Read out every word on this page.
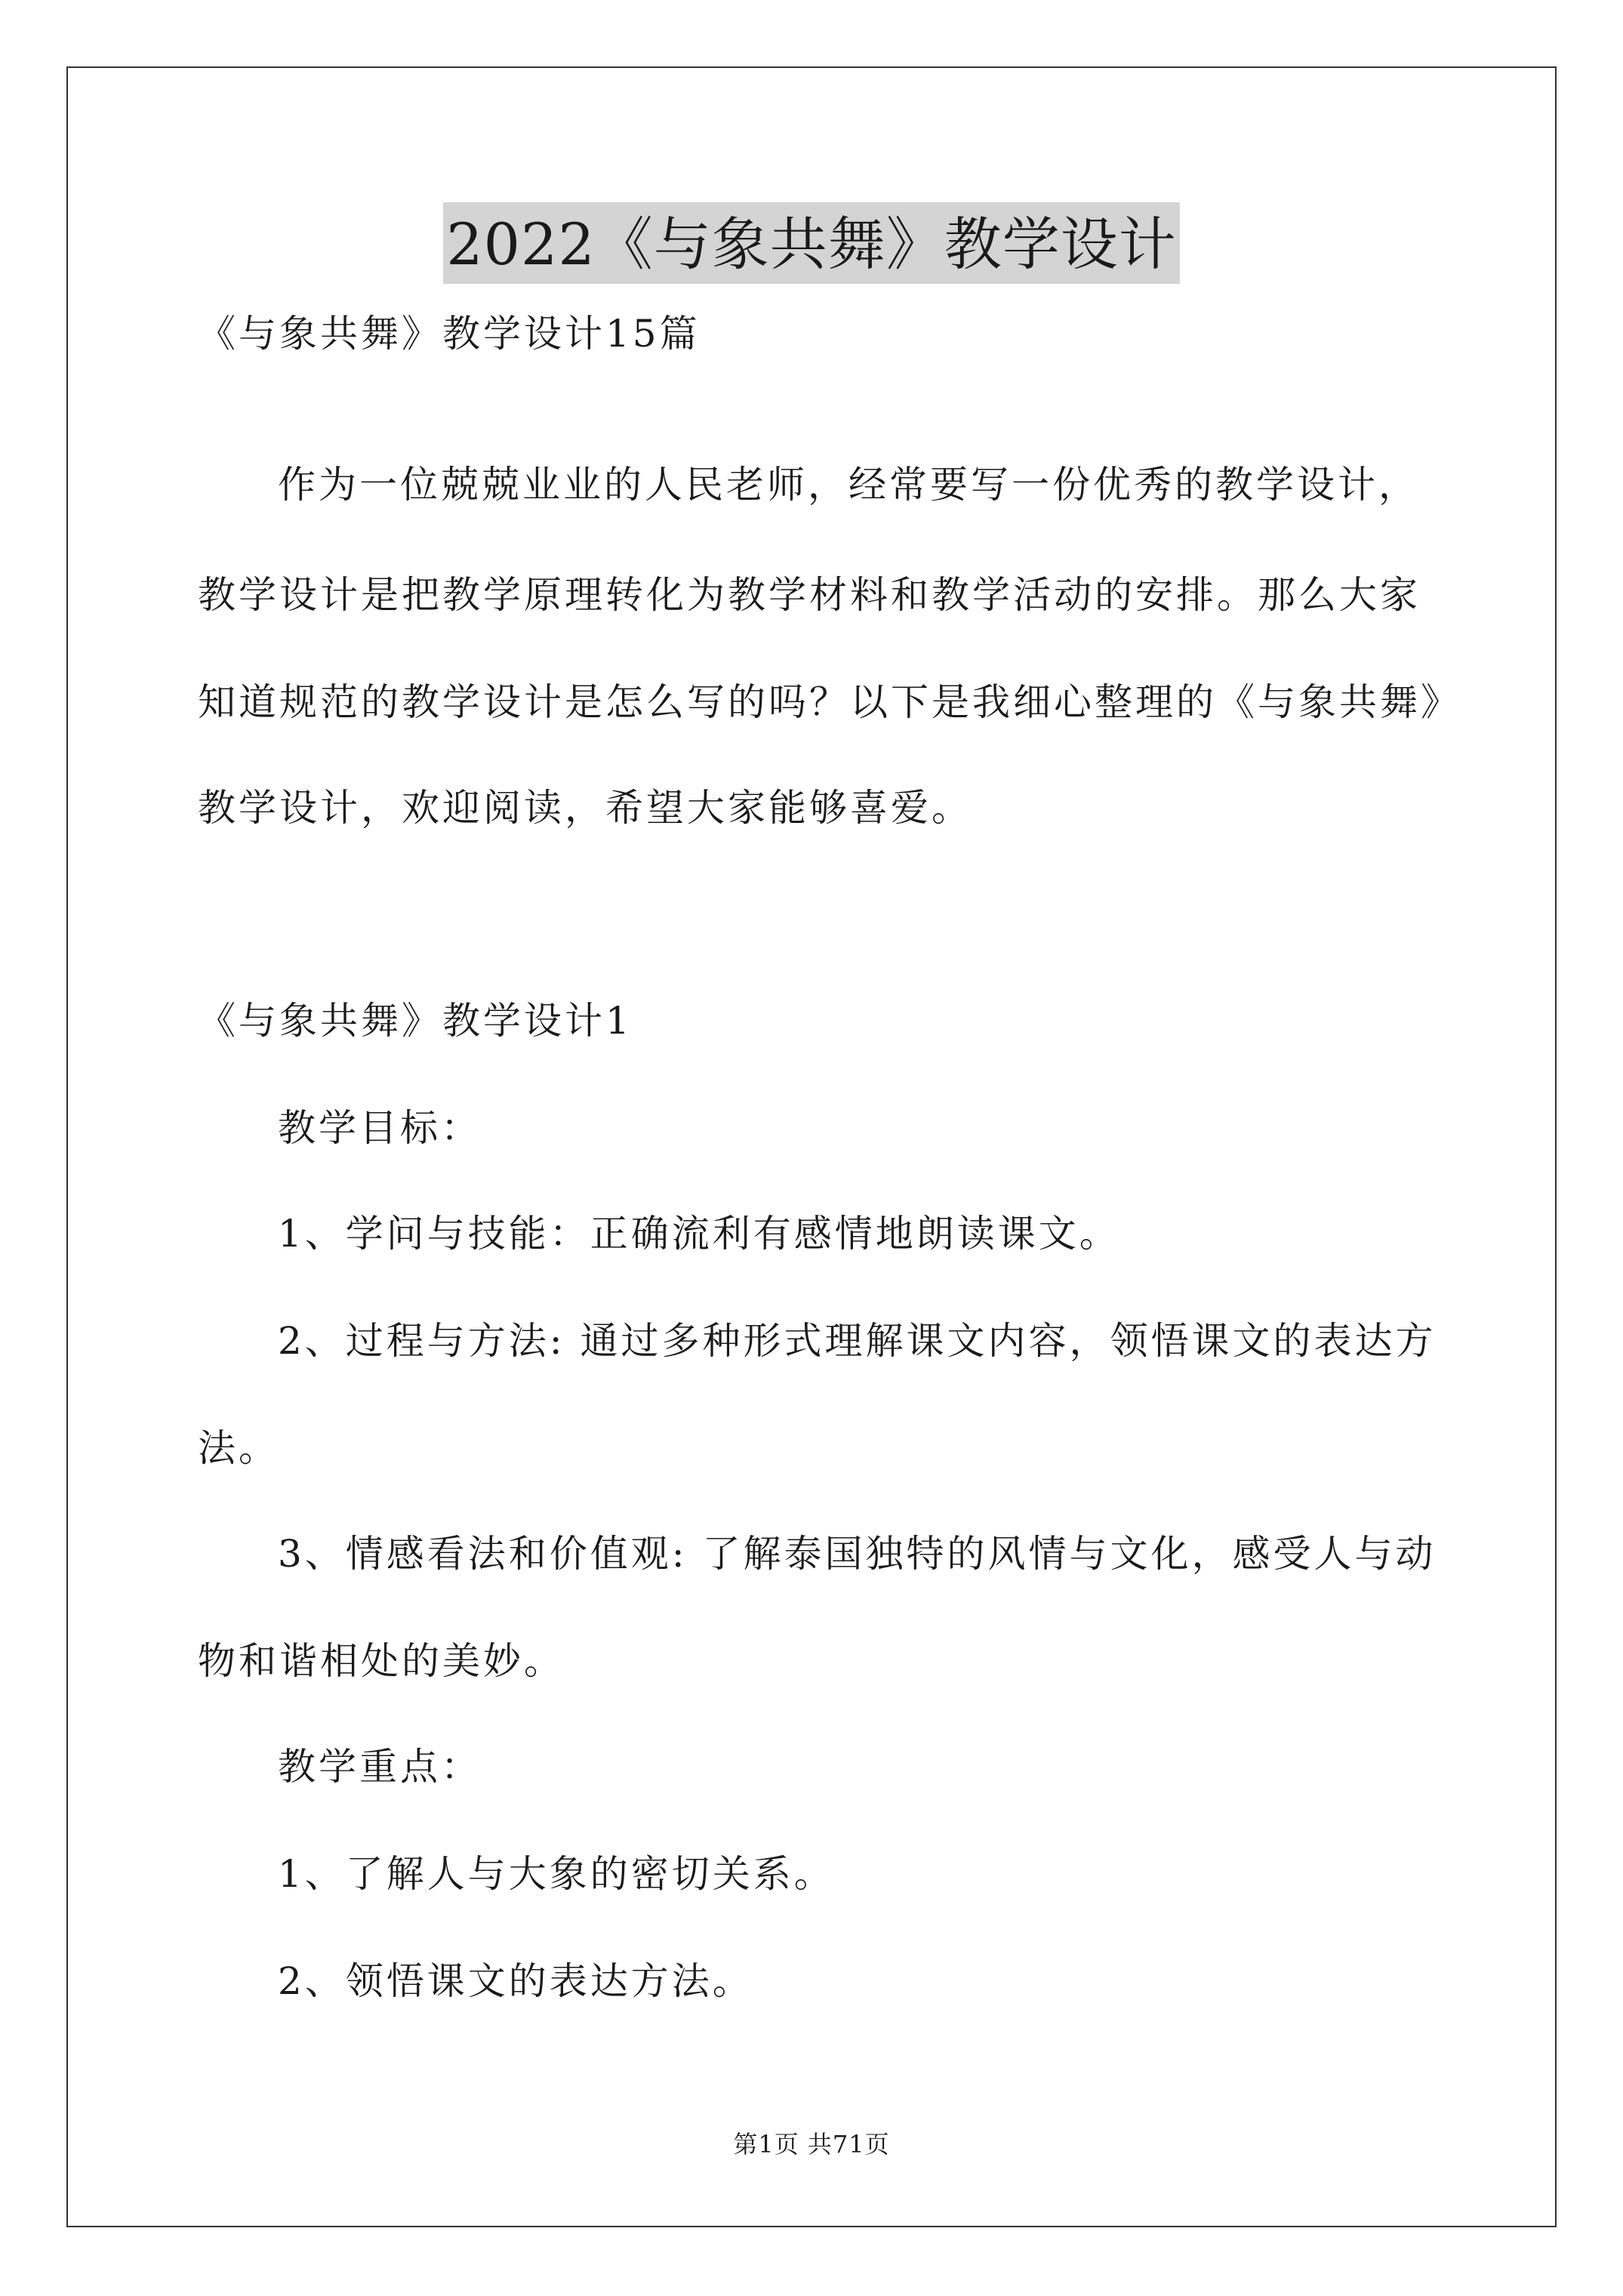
2022《与象共舞》教学设计
《与象共舞》教学设计15篇
作为一位兢兢业业的人民老师，经常要写一份优秀的教学设计，
教学设计是把教学原理转化为教学材料和教学活动的安排。那么大家
知道规范的教学设计是怎么写的吗？以下是我细心整理的《与象共舞》
教学设计，欢迎阅读，希望大家能够喜爱。
《与象共舞》教学设计1
教学目标：
1、学问与技能：正确流利有感情地朗读课文。
2、过程与方法: 通过多种形式理解课文内容，领悟课文的表达方
法。
3、情感看法和价值观: 了解泰国独特的风情与文化，感受人与动
物和谐相处的美妙。
教学重点：
1、了解人与大象的密切关系。
2、领悟课文的表达方法。
第1页 共71页
